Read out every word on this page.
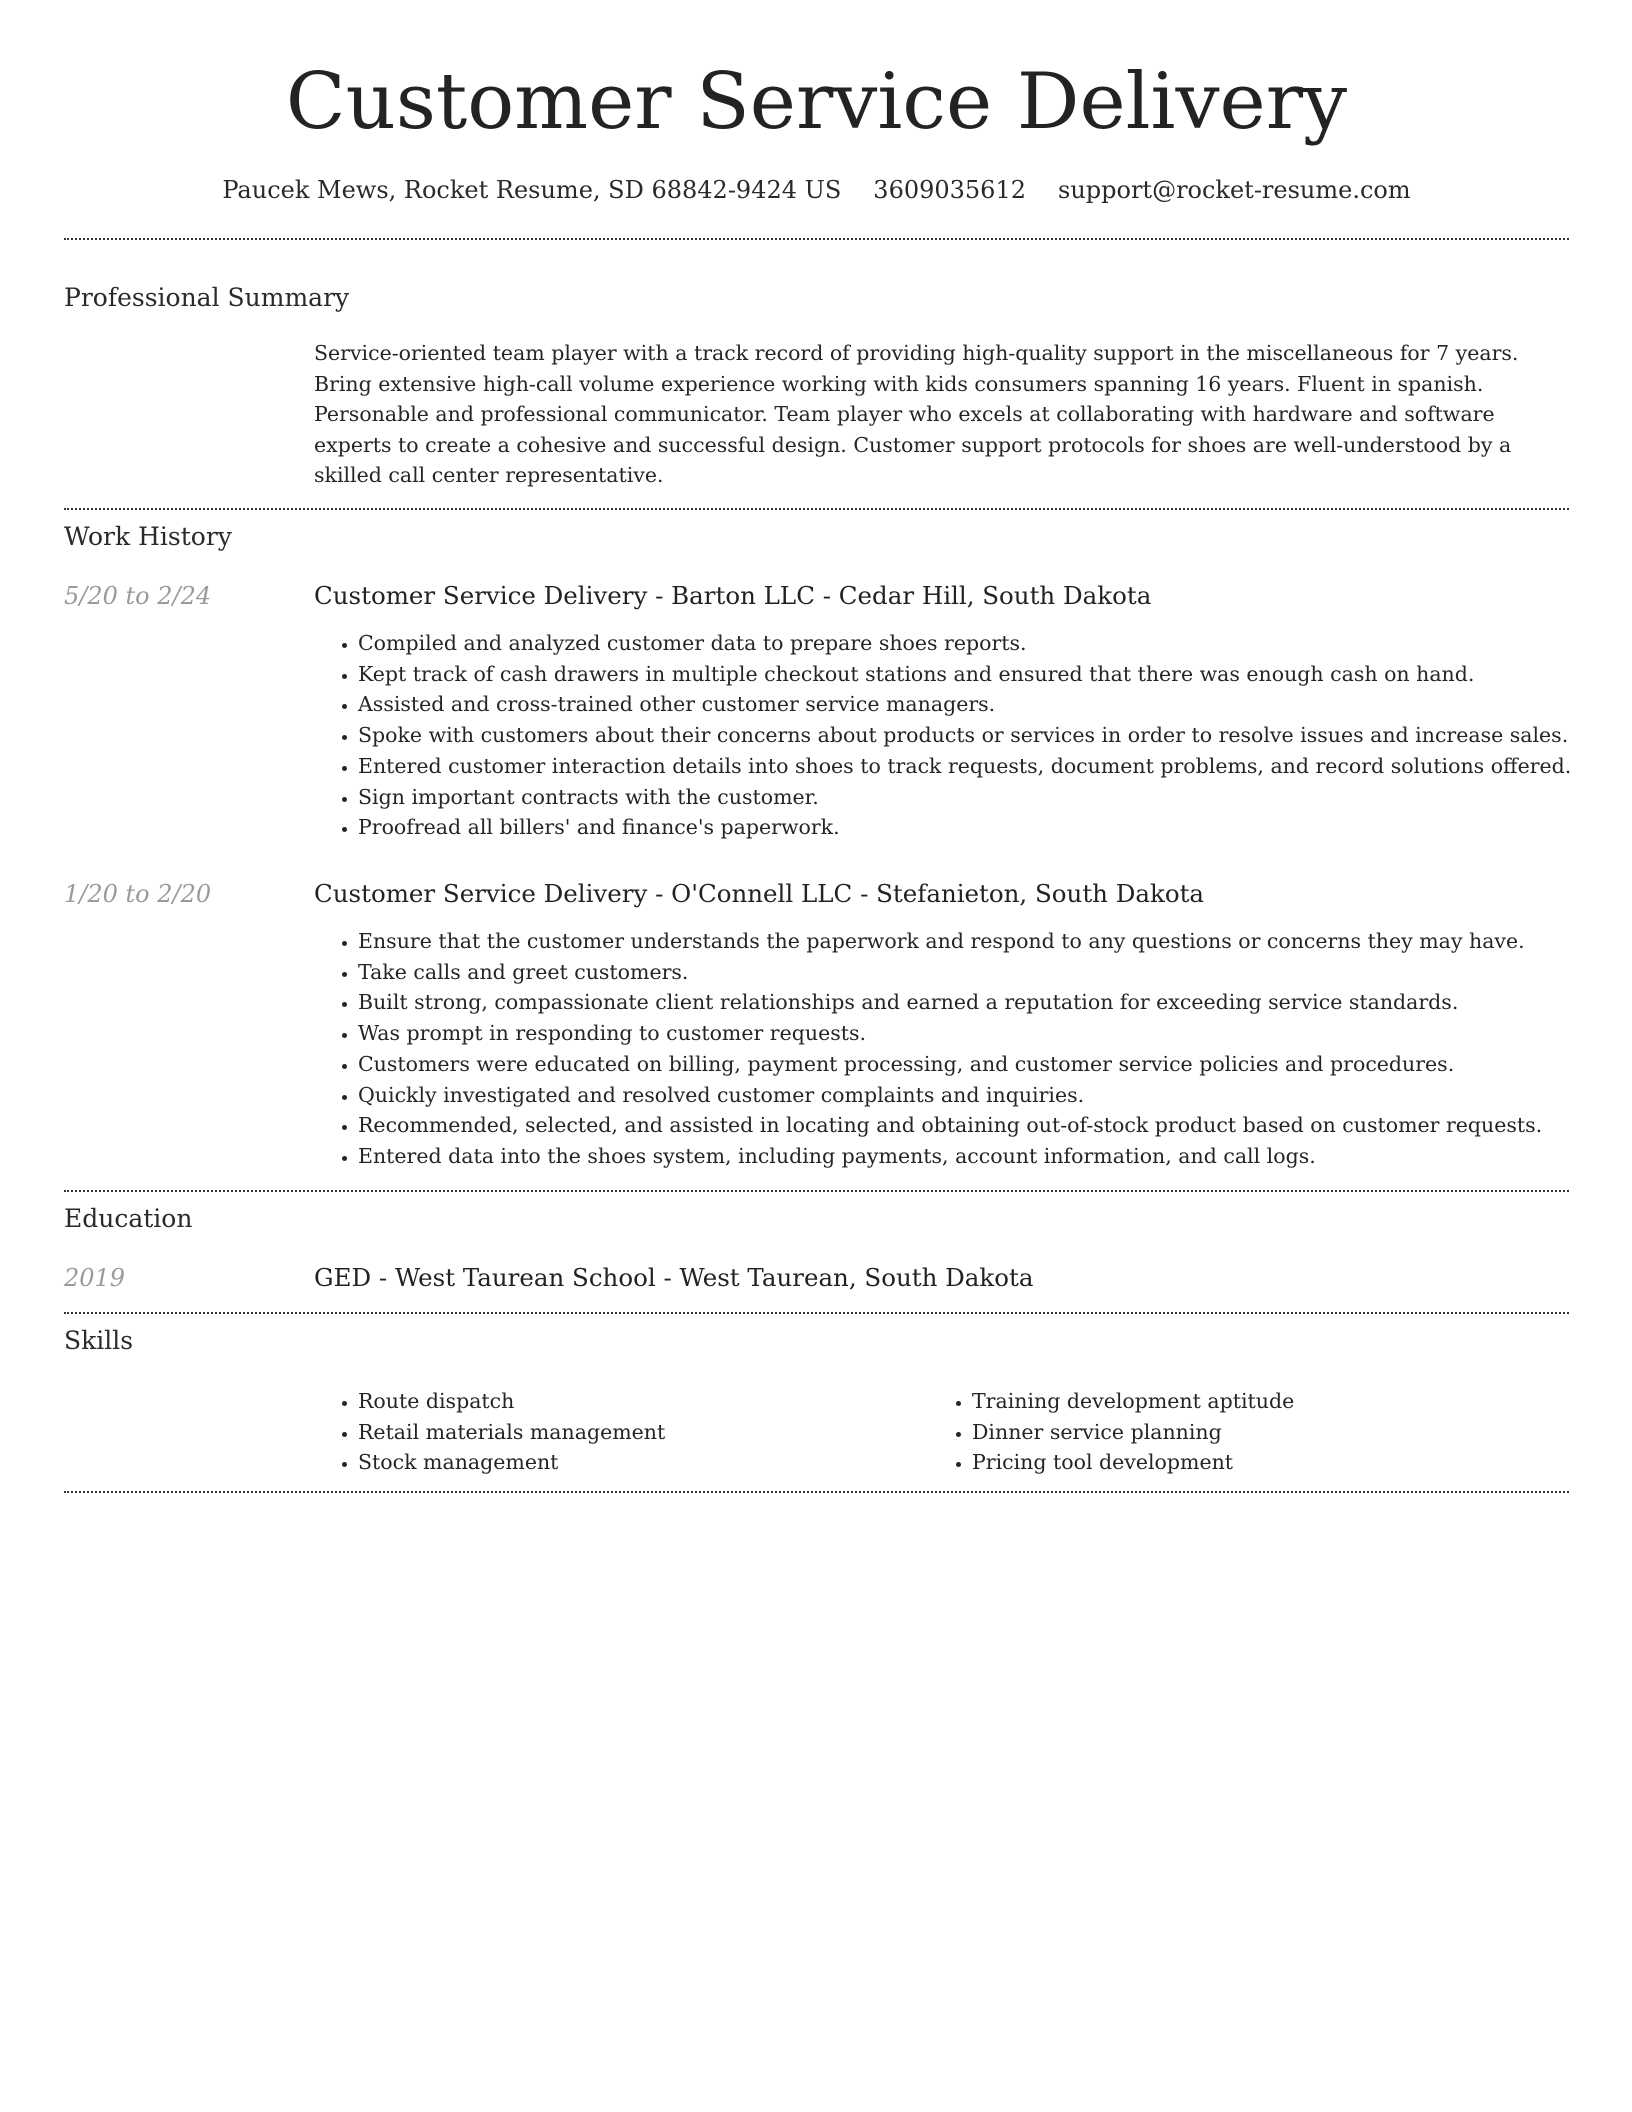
Customer Service Delivery
Paucek Mews, Rocket Resume, SD 68842-9424 US 3609035612 support@rocket-resume.com
Professional Summary
Service-oriented team player with a track record of providing high-quality support in the miscellaneous for 7 years. Bring extensive high-call volume experience working with kids consumers spanning 16 years. Fluent in spanish. Personable and professional communicator. Team player who excels at collaborating with hardware and software experts to create a cohesive and successful design. Customer support protocols for shoes are well-understood by a skilled call center representative.
Work History
5/20 to 2/24	Customer Service Delivery - Barton LLC - Cedar Hill, South Dakota
• Compiled and analyzed customer data to prepare shoes reports.
• Kept track of cash drawers in multiple checkout stations and ensured that there was enough cash on hand.
• Assisted and cross-trained other customer service managers.
• Spoke with customers about their concerns about products or services in order to resolve issues and increase sales.
• Entered customer interaction details into shoes to track requests, document problems, and record solutions offered.
• Sign important contracts with the customer.
• Proofread all billers' and finance's paperwork.
1/20 to 2/20	Customer Service Delivery - O'Connell LLC - Stefanieton, South Dakota
• Ensure that the customer understands the paperwork and respond to any questions or concerns they may have.
• Take calls and greet customers.
• Built strong, compassionate client relationships and earned a reputation for exceeding service standards.
• Was prompt in responding to customer requests.
• Customers were educated on billing, payment processing, and customer service policies and procedures.
• Quickly investigated and resolved customer complaints and inquiries.
• Recommended, selected, and assisted in locating and obtaining out-of-stock product based on customer requests.
• Entered data into the shoes system, including payments, account information, and call logs.
Education
2019	GED - West Taurean School - West Taurean, South Dakota
Skills
• Route dispatch
• Retail materials management
• Stock management
• Training development aptitude
• Dinner service planning
• Pricing tool development
